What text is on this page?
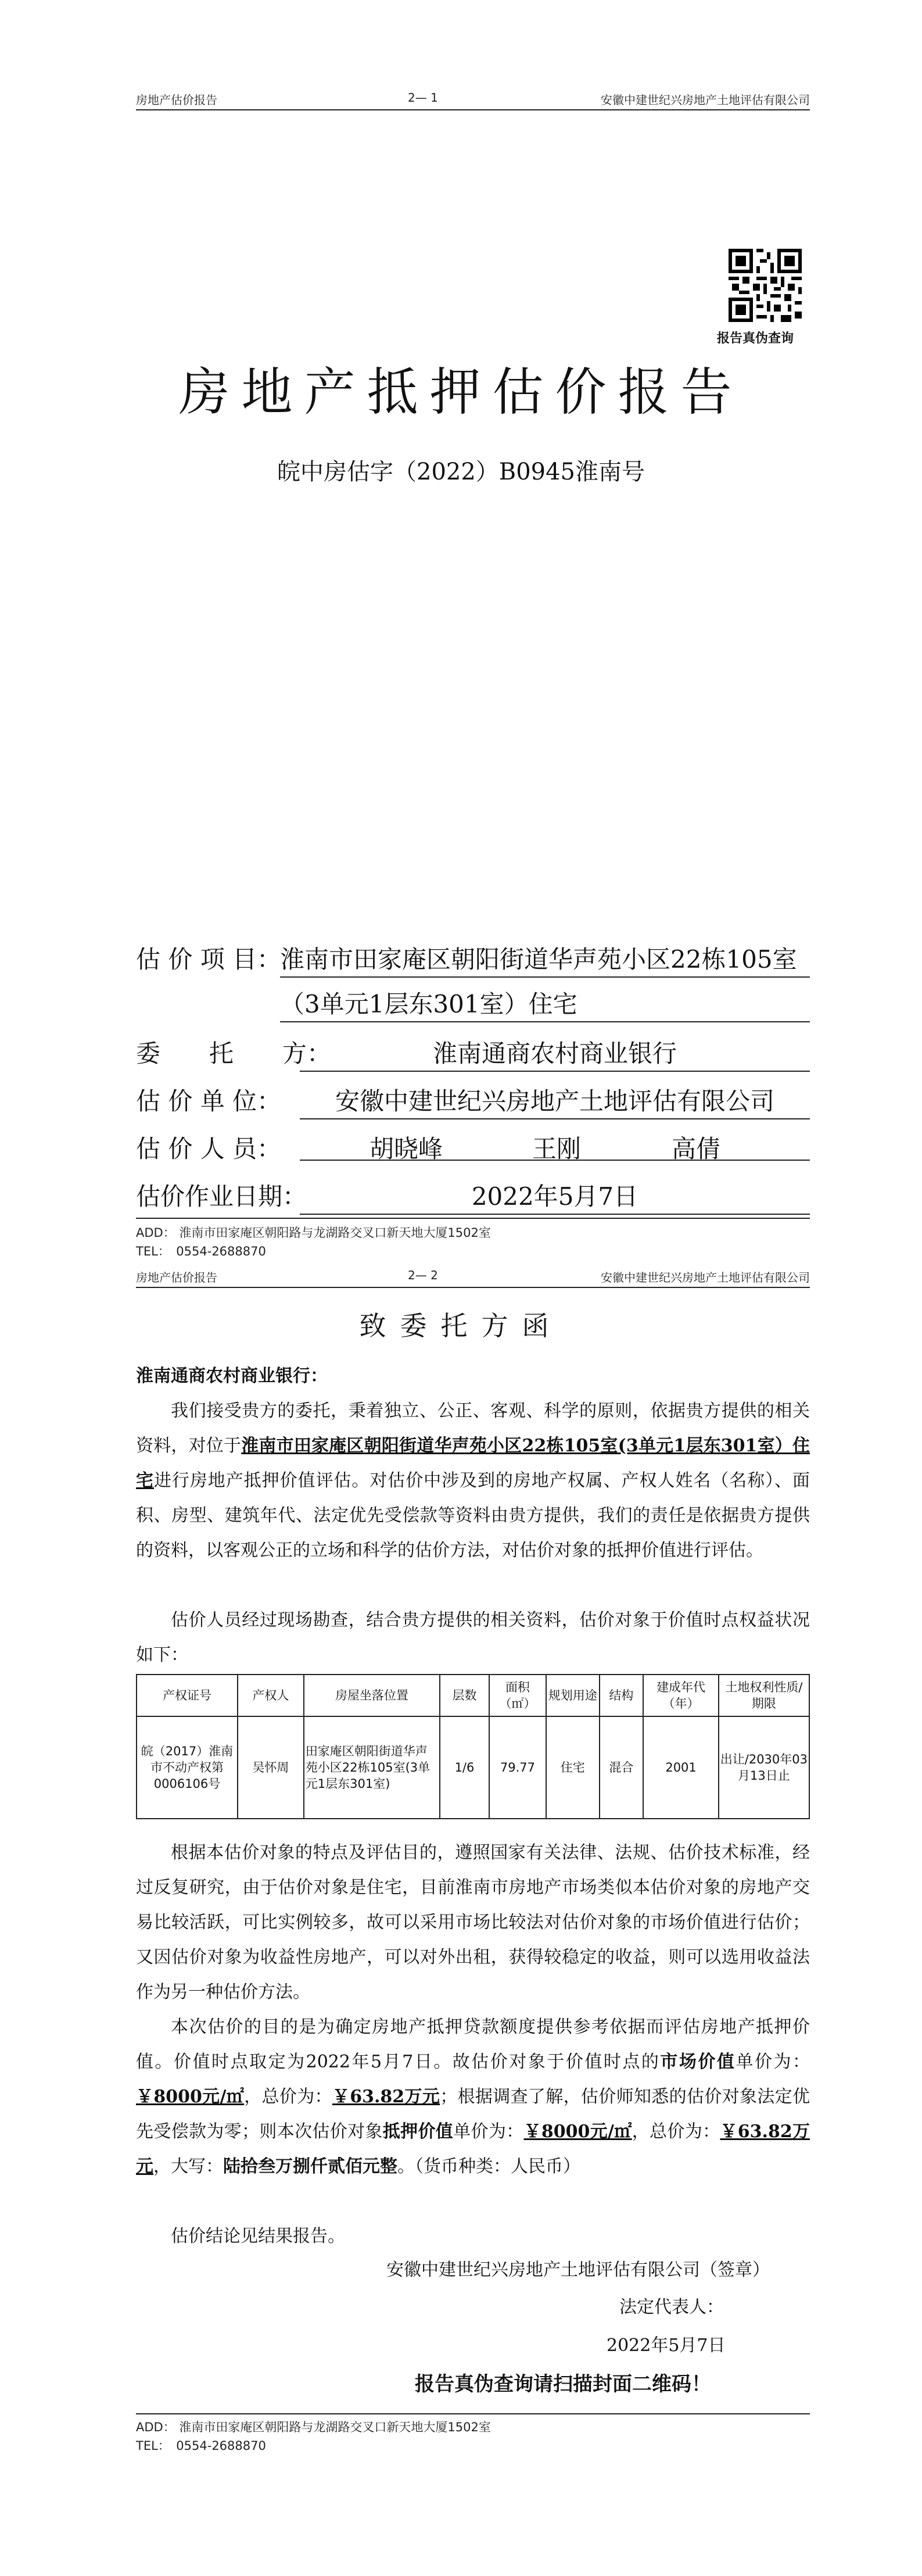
房地产估价报告	2— 1	安徽中建世纪兴房地产土地评估有限公司
报告真伪查询
房地产抵押估价报告
皖中房估字（2022）B0945淮南号
估 价 项 目：
淮南市田家庵区朝阳街道华声苑小区22栋105室
（3单元1层东301室）住宅
委　　托　　方：	淮南通商农村商业银行
估 价 单 位：	安徽中建世纪兴房地产土地评估有限公司
估 价 人 员：	胡晓峰	王刚	高倩

估价作业日期：	2022年5月7日
ADD： 淮南市田家庵区朝阳路与龙湖路交叉口新天地大厦1502室
TEL：　0554-2688870
房地产估价报告	2— 2	安徽中建世纪兴房地产土地评估有限公司
致委托方函
淮南通商农村商业银行：

我们接受贵方的委托，秉着独立、公正、客观、科学的原则，依据贵方提供的相关资料，对位于淮南市田家庵区朝阳街道华声苑小区22栋105室(3单元1层东301室）住宅进行房地产抵押价值评估。对估价中涉及到的房地产权属、产权人姓名（名称）、面积、房型、建筑年代、法定优先受偿款等资料由贵方提供，我们的责任是依据贵方提供的资料，以客观公正的立场和科学的估价方法，对估价对象的抵押价值进行评估。

估价人员经过现场勘查，结合贵方提供的相关资料，估价对象于价值时点权益状况如下：

产权证号	产权人	房屋坐落位置	层数	面积（㎡）	规划用途	结构	建成年代（年）	土地权利性质/期限
皖（2017）淮南市不动产权第0006106号	吴怀周	田家庵区朝阳街道华声苑小区22栋105室(3单元1层东301室)	1/6	79.77	住宅	混合	2001	出让/2030年03月13日止

根据本估价对象的特点及评估目的，遵照国家有关法律、法规、估价技术标准，经过反复研究，由于估价对象是住宅，目前淮南市房地产市场类似本估价对象的房地产交易比较活跃，可比实例较多，故可以采用市场比较法对估价对象的市场价值进行估价；又因估价对象为收益性房地产，可以对外出租，获得较稳定的收益，则可以选用收益法作为另一种估价方法。

本次估价的目的是为确定房地产抵押贷款额度提供参考依据而评估房地产抵押价值。价值时点取定为2022年5月7日。故估价对象于价值时点的市场价值单价为：￥8000元/㎡，总价为：￥63.82万元；根据调查了解，估价师知悉的估价对象法定优先受偿款为零；则本次估价对象抵押价值单价为：￥8000元/㎡，总价为：￥63.82万元，大写：陆拾叁万捌仟贰佰元整。（货币种类：人民币）

估价结论见结果报告。

安徽中建世纪兴房地产土地评估有限公司（签章）
法定代表人：
2022年5月7日
报告真伪查询请扫描封面二维码！
ADD： 淮南市田家庵区朝阳路与龙湖路交叉口新天地大厦1502室
TEL：　0554-2688870
